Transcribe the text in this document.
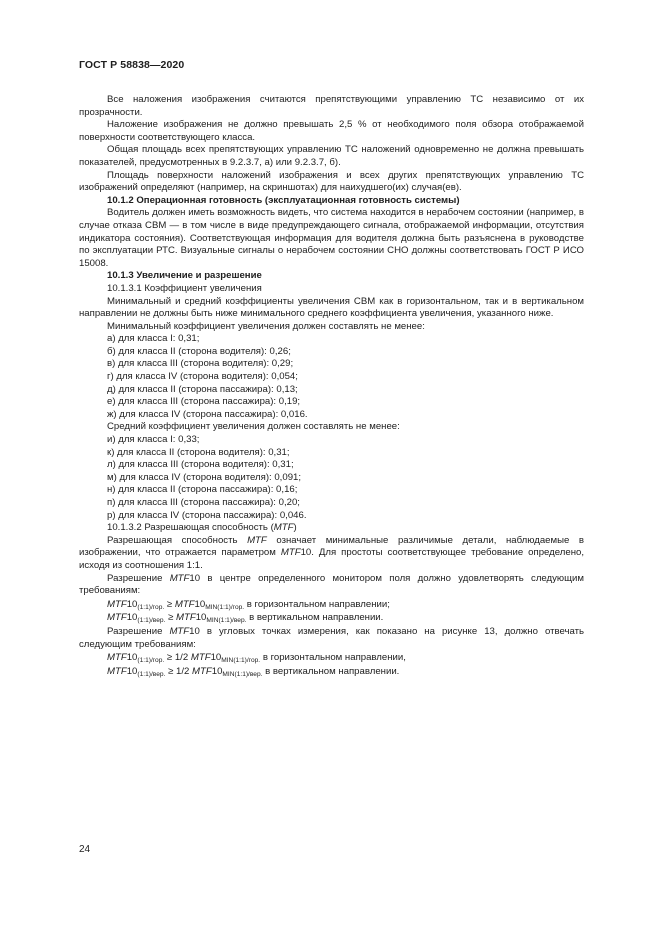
ГОСТ Р 58838—2020

Все наложения изображения считаются препятствующими управлению ТС независимо от их прозрачности.

Наложение изображения не должно превышать 2,5 % от необходимого поля обзора отображаемой поверхности соответствующего класса.

Общая площадь всех препятствующих управлению ТС наложений одновременно не должна превышать показателей, предусмотренных в 9.2.3.7, а) или 9.2.3.7, б).

Площадь поверхности наложений изображения и всех других препятствующих управлению ТС изображений определяют (например, на скриншотах) для наихудшего(их) случая(ев).

10.1.2 Операционная готовность (эксплуатационная готовность системы)

Водитель должен иметь возможность видеть, что система находится в нерабочем состоянии (например, в случае отказа СВМ — в том числе в виде предупреждающего сигнала, отображаемой информации, отсутствия индикатора состояния). Соответствующая информация для водителя должна быть разъяснена в руководстве по эксплуатации РТС. Визуальные сигналы о нерабочем состоянии СНО должны соответствовать ГОСТ Р ИСО 15008.

10.1.3 Увеличение и разрешение

10.1.3.1 Коэффициент увеличения

Минимальный и средний коэффициенты увеличения СВМ как в горизонтальном, так и в вертикальном направлении не должны быть ниже минимального среднего коэффициента увеличения, указанного ниже.

Минимальный коэффициент увеличения должен составлять не менее:

а) для класса I: 0,31;

б) для класса II (сторона водителя): 0,26;

в) для класса III (сторона водителя): 0,29;

г) для класса IV (сторона водителя): 0,054;

д) для класса II (сторона пассажира): 0,13;

е) для класса III (сторона пассажира): 0,19;

ж) для класса IV (сторона пассажира): 0,016.

Средний коэффициент увеличения должен составлять не менее:

и) для класса I: 0,33;

к) для класса II (сторона водителя): 0,31;

л) для класса III (сторона водителя): 0,31;

м) для класса IV (сторона водителя): 0,091;

н) для класса II (сторона пассажира): 0,16;

п) для класса III (сторона пассажира): 0,20;

р) для класса IV (сторона пассажира): 0,046.

10.1.3.2 Разрешающая способность (MTF)

Разрешающая способность MTF означает минимальные различимые детали, наблюдаемые в изображении, что отражается параметром MTF10. Для простоты соответствующее требование определено, исходя из соотношения 1:1.

Разрешение MTF10 в центре определенного монитором поля должно удовлетворять следующим требованиям:

$MTF10_{(1:1)/гор.} \ge MTF10_{MIN(1:1)/гор.}$ в горизонтальном направлении;

$MTF10_{(1:1)/вер.} \ge MTF10_{MIN(1:1)/вер.}$ в вертикальном направлении.

Разрешение MTF10 в угловых точках измерения, как показано на рисунке 13, должно отвечать следующим требованиям:

$MTF10_{(1:1)/гор.} \ge 1/2$ $MTF10_{MIN(1:1)/гор.}$ в горизонтальном направлении,

$MTF10_{(1:1)/вер.} \ge 1/2$ $MTF10_{MIN(1:1)/вер.}$ в вертикальном направлении.

24
